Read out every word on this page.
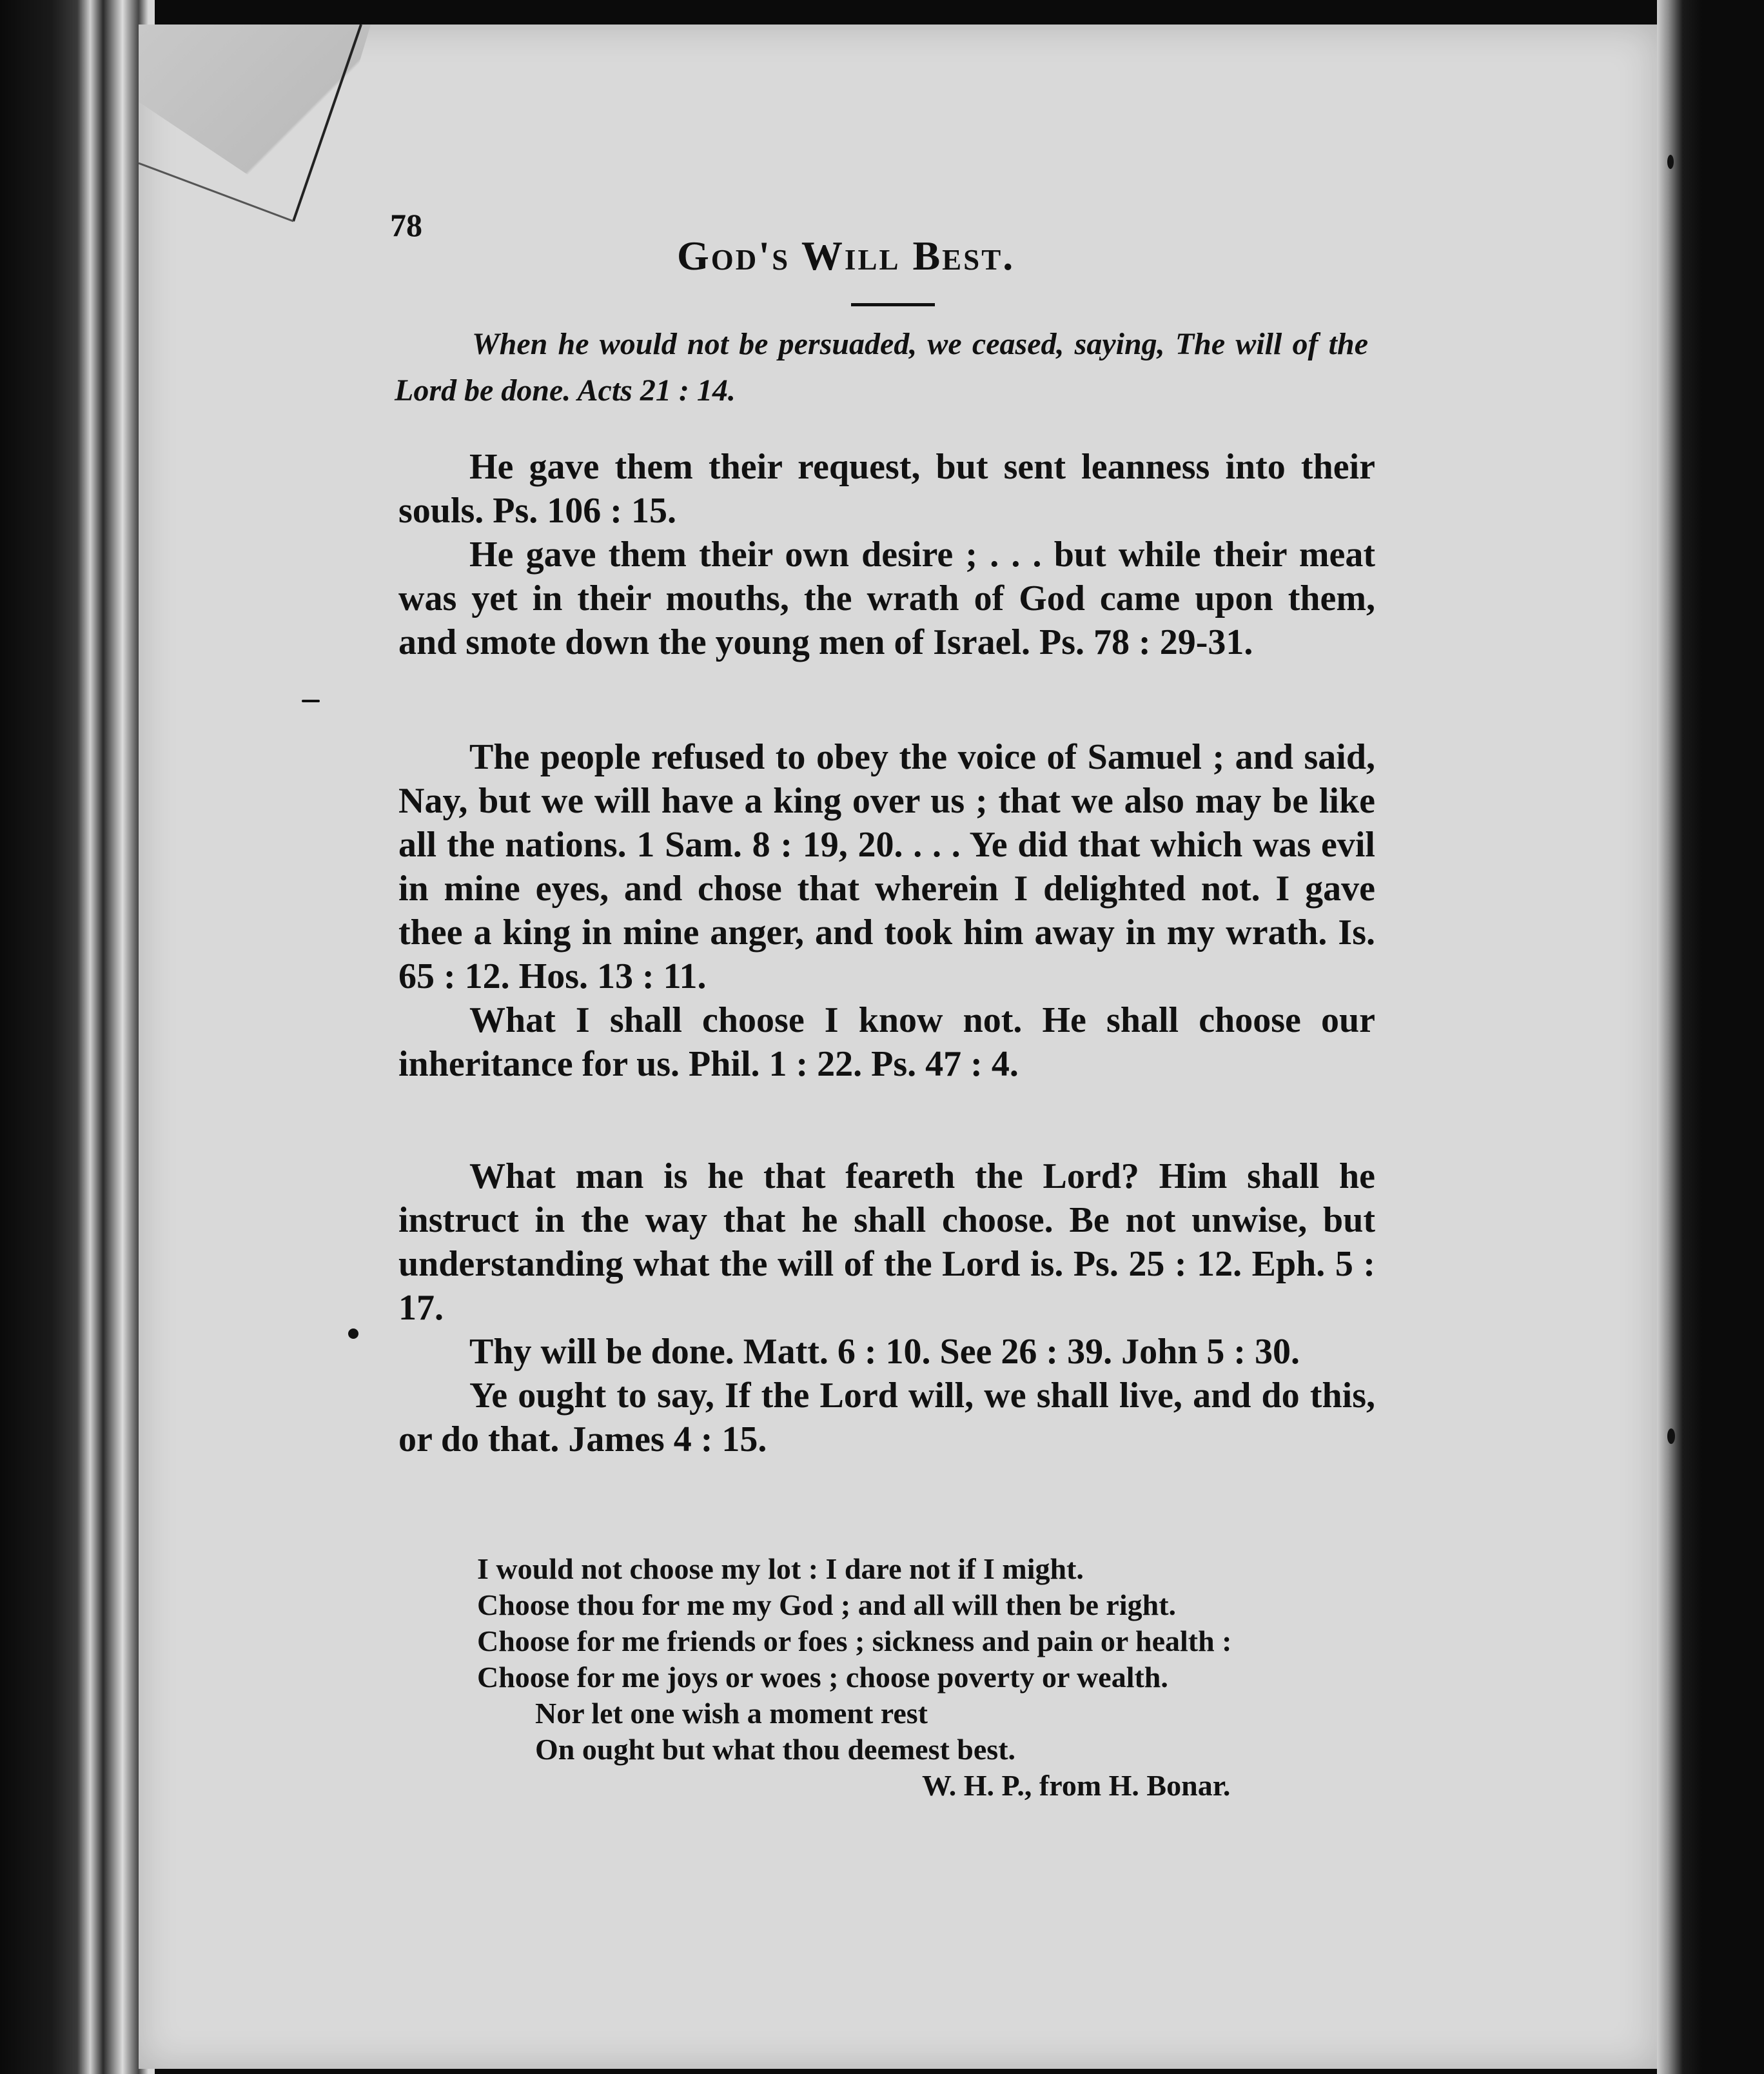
78
God's Will Best.
When he would not be persuaded, we ceased, saying, The will of the Lord be done. Acts 21 : 14.

He gave them their request, but sent leanness into their souls. Ps. 106 : 15.

He gave them their own desire ; . . . but while their meat was yet in their mouths, the wrath of God came upon them, and smote down the young men of Israel. Ps. 78 : 29-31.

The people refused to obey the voice of Samuel ; and said, Nay, but we will have a king over us ; that we also may be like all the nations. 1 Sam. 8 : 19, 20. . . . Ye did that which was evil in mine eyes, and chose that wherein I delighted not. I gave thee a king in mine anger, and took him away in my wrath. Is. 65 : 12. Hos. 13 : 11.

What I shall choose I know not. He shall choose our inheritance for us. Phil. 1 : 22. Ps. 47 : 4.

What man is he that feareth the Lord? Him shall he instruct in the way that he shall choose. Be not unwise, but understanding what the will of the Lord is. Ps. 25 : 12. Eph. 5 : 17.

Thy will be done. Matt. 6 : 10. See 26 : 39. John 5 : 30.

Ye ought to say, If the Lord will, we shall live, and do this, or do that. James 4 : 15.

I would not choose my lot : I dare not if I might.
Choose thou for me my God ; and all will then be right.
Choose for me friends or foes ; sickness and pain or health :
Choose for me joys or woes ; choose poverty or wealth.
Nor let one wish a moment rest
On ought but what thou deemest best.
W. H. P., from H. Bonar.
